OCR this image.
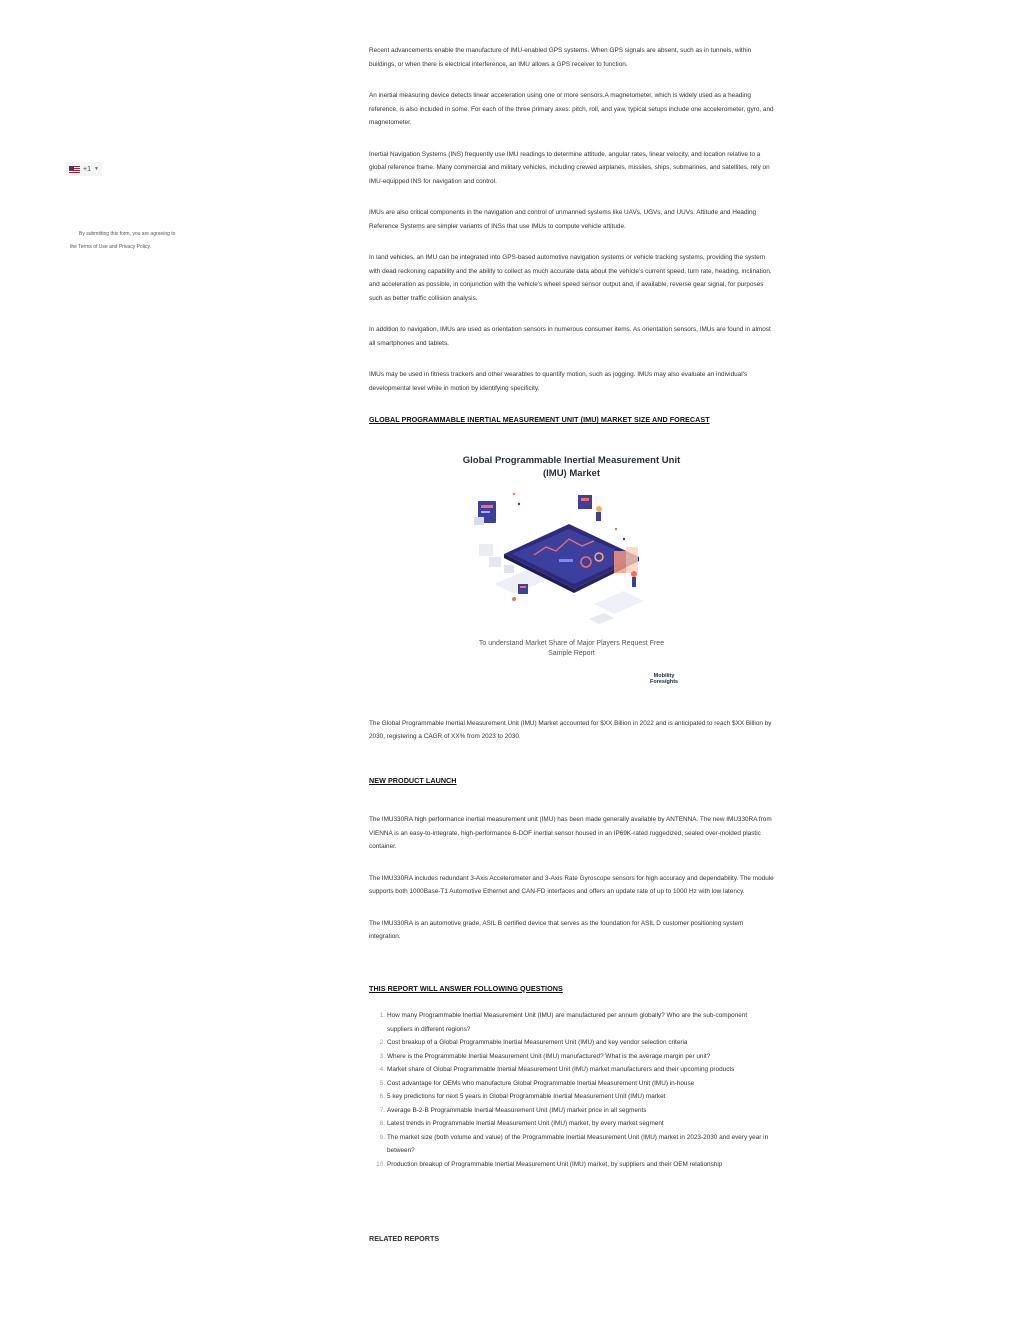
+1 ▼
By submitting this form, you are agreeing to
the Terms of Use and Privacy Policy.

Recent advancements enable the manufacture of IMU-enabled GPS systems. When GPS signals are absent, such as in tunnels, within buildings, or when there is electrical interference, an IMU allows a GPS receiver to function.

An inertial measuring device detects linear acceleration using one or more sensors.A magnetometer, which is widely used as a heading reference, is also included in some. For each of the three primary axes: pitch, roll, and yaw, typical setups include one accelerometer, gyro, and magnetometer.

Inertial Navigation Systems (INS) frequently use IMU readings to determine attitude, angular rates, linear velocity, and location relative to a global reference frame. Many commercial and military vehicles, including crewed airplanes, missiles, ships, submarines, and satellites, rely on IMU-equipped INS for navigation and control.

IMUs are also critical components in the navigation and control of unmanned systems like UAVs, UGVs, and UUVs. Attitude and Heading Reference Systems are simpler variants of INSs that use IMUs to compute vehicle attitude.

In land vehicles, an IMU can be integrated into GPS-based automotive navigation systems or vehicle tracking systems, providing the system with dead reckoning capability and the ability to collect as much accurate data about the vehicle's current speed, turn rate, heading, inclination, and acceleration as possible, in conjunction with the vehicle's wheel speed sensor output and, if available, reverse gear signal, for purposes such as better traffic collision analysis.

In addition to navigation, IMUs are used as orientation sensors in numerous consumer items. As orientation sensors, IMUs are found in almost all smartphones and tablets.

IMUs may be used in fitness trackers and other wearables to quantify motion, such as jogging. IMUs may also evaluate an individual's developmental level while in motion by identifying specificity.

GLOBAL PROGRAMMABLE INERTIAL MEASUREMENT UNIT (IMU) MARKET SIZE AND FORECAST
Global Programmable Inertial Measurement Unit
(IMU) Market
To understand Market Share of Major Players Request Free
Sample Report
Mobility
Foresights

The Global Programmable Inertial Measurement Unit (IMU) Market accounted for $XX Billion in 2022 and is anticipated to reach $XX Billion by 2030, registering a CAGR of XX% from 2023 to 2030.

NEW PRODUCT LAUNCH

The IMU330RA high performance inertial measurement unit (IMU) has been made generally available by ANTENNA. The new IMU330RA from VIENNA is an easy-to-integrate, high-performance 6-DOF inertial sensor housed in an IP69K-rated ruggedized, sealed over-molded plastic container.

The IMU330RA includes redundant 3-Axis Accelerometer and 3-Axis Rate Gyroscope sensors for high accuracy and dependability. The module supports both 1000Base-T1 Automotive Ethernet and CAN-FD interfaces and offers an update rate of up to 1000 Hz with low latency.

The IMU330RA is an automotive grade, ASIL B certified device that serves as the foundation for ASIL D customer positioning system integration.

THIS REPORT WILL ANSWER FOLLOWING QUESTIONS
How many Programmable Inertial Measurement Unit (IMU) are manufactured per annum globally? Who are the sub-component suppliers in different regions?
Cost breakup of a Global Programmable Inertial Measurement Unit (IMU) and key vendor selection criteria
Where is the Programmable Inertial Measurement Unit (IMU) manufactured? What is the average margin per unit?
Market share of Global Programmable Inertial Measurement Unit (IMU) market manufacturers and their upcoming products
Cost advantage for OEMs who manufacture Global Programmable Inertial Measurement Unit (IMU) in-house
5 key predictions for next 5 years in Global Programmable Inertial Measurement Unit (IMU) market
Average B-2-B Programmable Inertial Measurement Unit (IMU) market price in all segments
Latest trends in Programmable Inertial Measurement Unit (IMU) market, by every market segment
The market size (both volume and value) of the Programmable Inertial Measurement Unit (IMU) market in 2023-2030 and every year in between?
Production breakup of Programmable Inertial Measurement Unit (IMU) market, by suppliers and their OEM relationship
RELATED REPORTS
